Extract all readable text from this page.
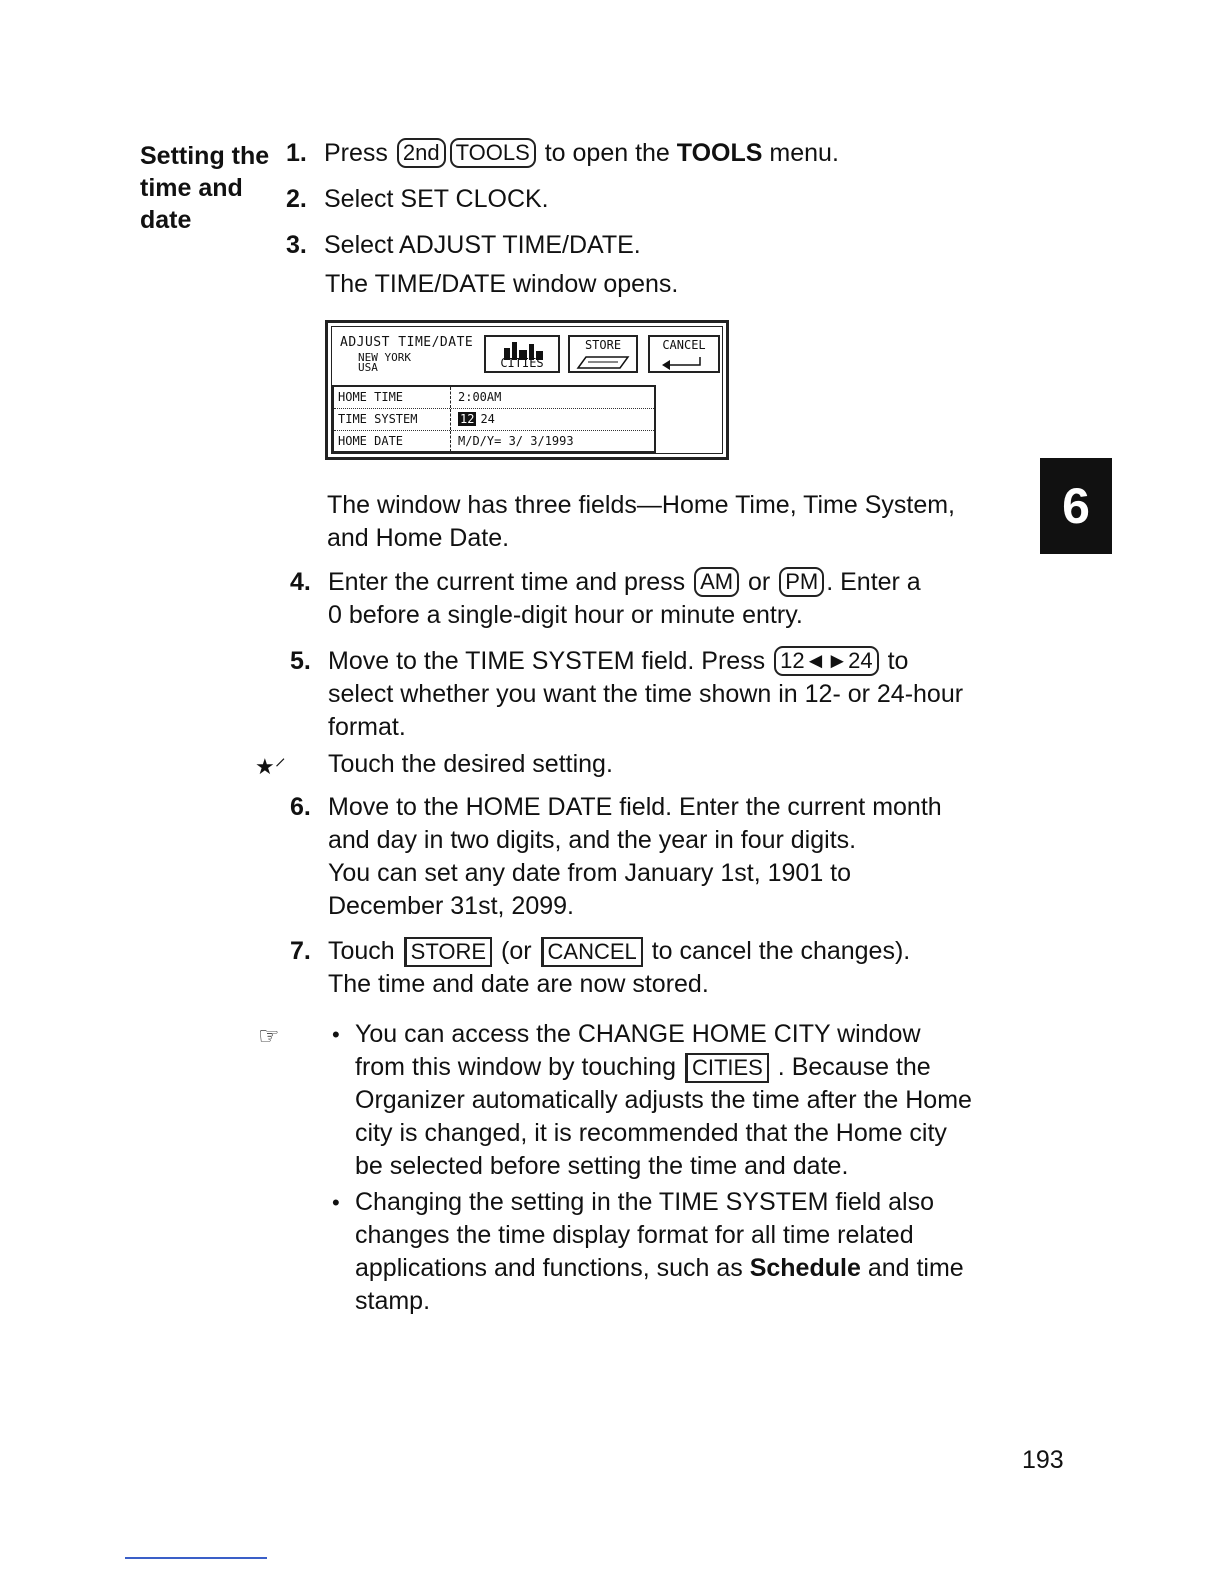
Setting the
time and
date
1. Press 2nd TOOLS to open the TOOLS menu.
2. Select SET CLOCK.
3. Select ADJUST TIME/DATE.
The TIME/DATE window opens.
ADJUST TIME/DATE
NEW YORK
USA	CITIES
STORE	CANCEL
HOME TIME	2:00AM
TIME SYSTEM	12 24
HOME DATE	M/D/Y= 3/ 3/1993
The window has three fields—Home Time, Time System,
and Home Date.
6
4. Enter the current time and press AM or PM . Enter a
0 before a single-digit hour or minute entry.
5. Move to the TIME SYSTEM field. Press 12◄►24 to
select whether you want the time shown in 12- or 24-hour
format.
★⸍ Touch the desired setting.
6. Move to the HOME DATE field. Enter the current month
and day in two digits, and the year in four digits.
You can set any date from January 1st, 1901 to
December 31st, 2099.
7. Touch STORE (or CANCEL to cancel the changes).
The time and date are now stored.
☞ • You can access the CHANGE HOME CITY window
from this window by touching CITIES . Because the
Organizer automatically adjusts the time after the Home
city is changed, it is recommended that the Home city
be selected before setting the time and date.
• Changing the setting in the TIME SYSTEM field also
changes the time display format for all time related
applications and functions, such as Schedule and time
stamp.
193
